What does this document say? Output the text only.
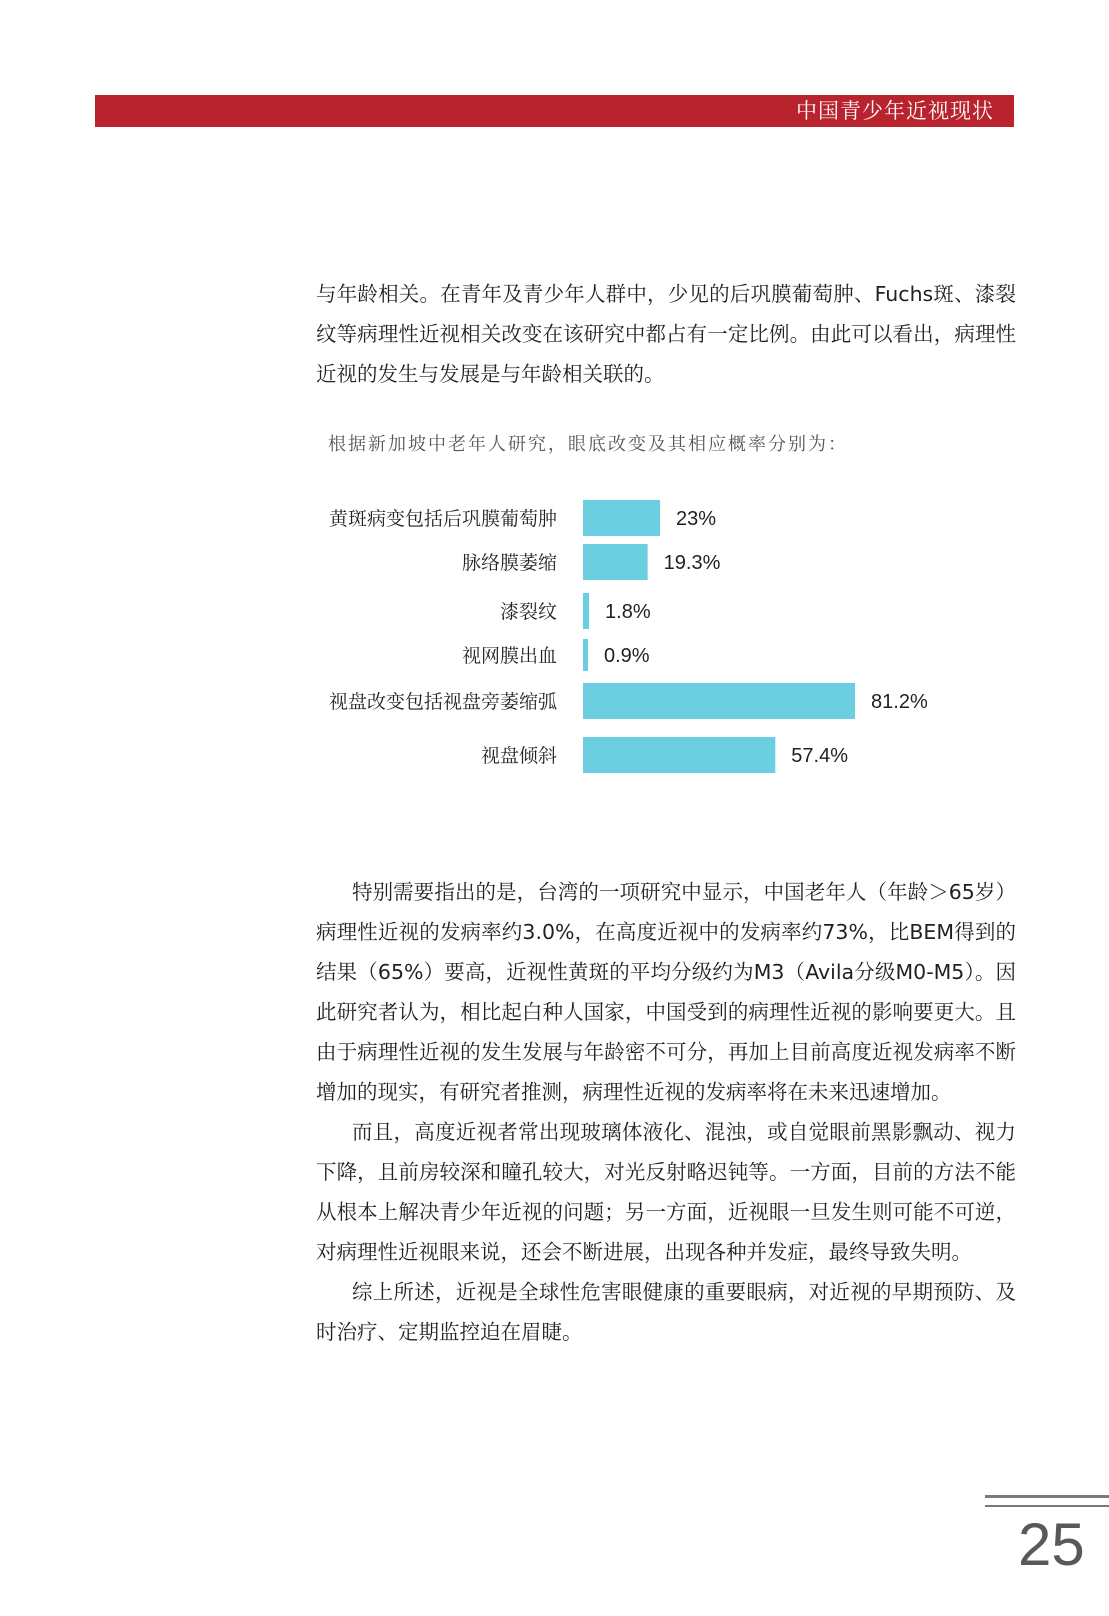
中国青少年近视现状

与年龄相关。在青年及青少年人群中，少见的后巩膜葡萄肿、Fuchs斑、漆裂纹等病理性近视相关改变在该研究中都占有一定比例。由此可以看出，病理性近视的发生与发展是与年龄相关联的。

根据新加坡中老年人研究，眼底改变及其相应概率分别为：
黄斑病变包括后巩膜葡萄肿	23%
脉络膜萎缩	19.3%
漆裂纹 1.8%
视网膜出血 0.9%
视盘改变包括视盘旁萎缩弧	81.2%
视盘倾斜	57.4%

特别需要指出的是，台湾的一项研究中显示，中国老年人（年龄＞65岁）病理性近视的发病率约3.0%，在高度近视中的发病率约73%，比BEM得到的结果（65%）要高，近视性黄斑的平均分级约为M3（Avila分级M0-M5）。因此研究者认为，相比起白种人国家，中国受到的病理性近视的影响要更大。且由于病理性近视的发生发展与年龄密不可分，再加上目前高度近视发病率不断增加的现实，有研究者推测，病理性近视的发病率将在未来迅速增加。

而且，高度近视者常出现玻璃体液化、混浊，或自觉眼前黑影飘动、视力下降，且前房较深和瞳孔较大，对光反射略迟钝等。一方面，目前的方法不能从根本上解决青少年近视的问题；另一方面，近视眼一旦发生则可能不可逆，对病理性近视眼来说，还会不断进展，出现各种并发症，最终导致失明。

综上所述，近视是全球性危害眼健康的重要眼病，对近视的早期预防、及时治疗、定期监控迫在眉睫。

25
